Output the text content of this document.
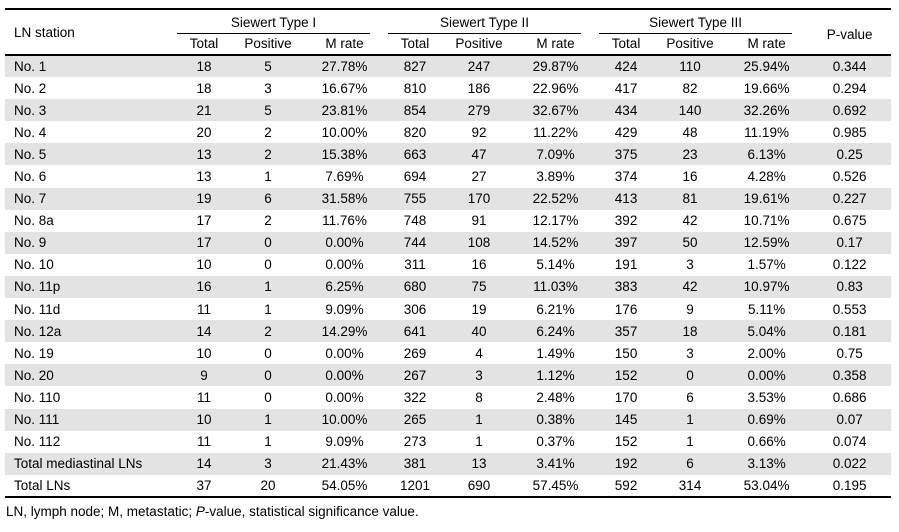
LN station	Siewert Type I			Siewert Type II			Siewert Type III			P-value
	Total	Positive	M rate	Total	Positive	M rate	Total	Positive	M rate	
No. 1	18	5	27.78%	827	247	29.87%	424	110	25.94%	0.344
No. 2	18	3	16.67%	810	186	22.96%	417	82	19.66%	0.294
No. 3	21	5	23.81%	854	279	32.67%	434	140	32.26%	0.692
No. 4	20	2	10.00%	820	92	11.22%	429	48	11.19%	0.985
No. 5	13	2	15.38%	663	47	7.09%	375	23	6.13%	0.25
No. 6	13	1	7.69%	694	27	3.89%	374	16	4.28%	0.526
No. 7	19	6	31.58%	755	170	22.52%	413	81	19.61%	0.227
No. 8a	17	2	11.76%	748	91	12.17%	392	42	10.71%	0.675
No. 9	17	0	0.00%	744	108	14.52%	397	50	12.59%	0.17
No. 10	10	0	0.00%	311	16	5.14%	191	3	1.57%	0.122
No. 11p	16	1	6.25%	680	75	11.03%	383	42	10.97%	0.83
No. 11d	11	1	9.09%	306	19	6.21%	176	9	5.11%	0.553
No. 12a	14	2	14.29%	641	40	6.24%	357	18	5.04%	0.181
No. 19	10	0	0.00%	269	4	1.49%	150	3	2.00%	0.75
No. 20	9	0	0.00%	267	3	1.12%	152	0	0.00%	0.358
No. 110	11	0	0.00%	322	8	2.48%	170	6	3.53%	0.686
No. 111	10	1	10.00%	265	1	0.38%	145	1	0.69%	0.07
No. 112	11	1	9.09%	273	1	0.37%	152	1	0.66%	0.074
Total mediastinal LNs	14	3	21.43%	381	13	3.41%	192	6	3.13%	0.022
Total LNs	37	20	54.05%	1201	690	57.45%	592	314	53.04%	0.195
LN, lymph node; M, metastatic; P-value, statistical significance value.
